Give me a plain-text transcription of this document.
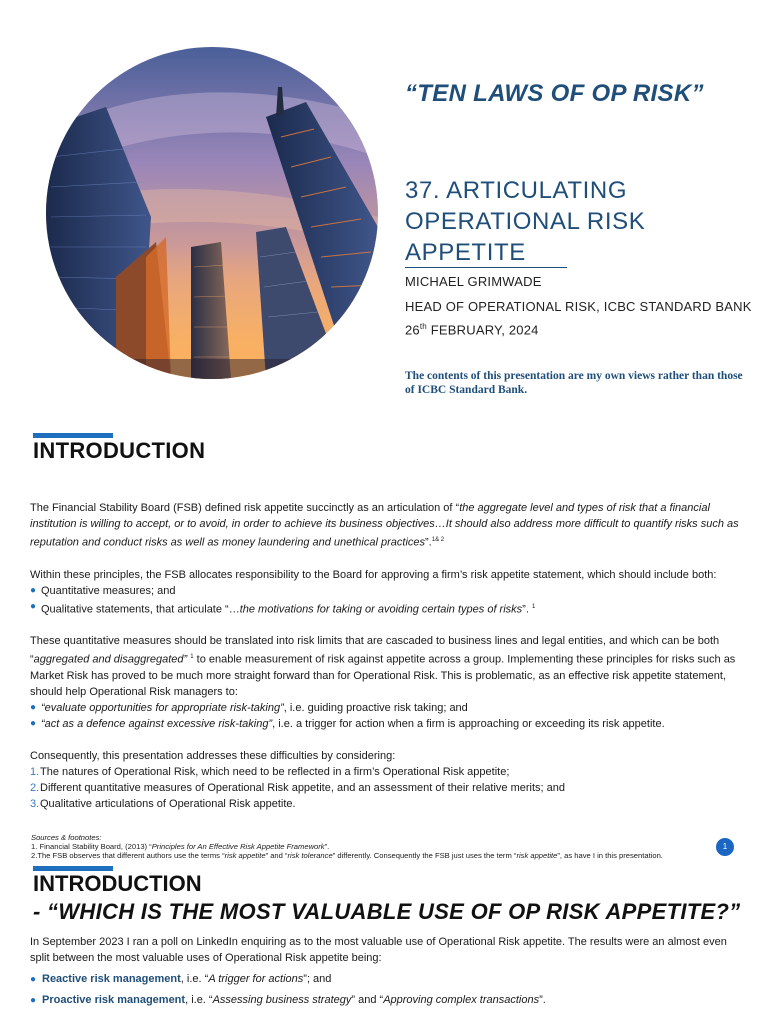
“TEN LAWS OF OP RISK”
37. ARTICULATING OPERATIONAL RISK APPETITE
MICHAEL GRIMWADE
HEAD OF OPERATIONAL RISK, ICBC STANDARD BANK
26th FEBRUARY, 2024
The contents of this presentation are my own views rather than those of ICBC Standard Bank.
INTRODUCTION

The Financial Stability Board (FSB) defined risk appetite succinctly as an articulation of “the aggregate level and types of risk that a financial institution is willing to accept, or to avoid, in order to achieve its business objectives…It should also address more difficult to quantify risks such as reputation and conduct risks as well as money laundering and unethical practices”.$^{1\& 2}$

Within these principles, the FSB allocates responsibility to the Board for approving a firm’s risk appetite statement, which should include both:

● Quantitative measures; and
● Qualitative statements, that articulate “…the motivations for taking or avoiding certain types of risks”. $^1$

These quantitative measures should be translated into risk limits that are cascaded to business lines and legal entities, and which can be both “aggregated and disaggregated” $^1$ to enable measurement of risk against appetite across a group. Implementing these principles for risks such as Market Risk has proved to be much more straight forward than for Operational Risk. This is problematic, as an effective risk appetite statement, should help Operational Risk managers to:

● “evaluate opportunities for appropriate risk-taking”, i.e. guiding proactive risk taking; and
● “act as a defence against excessive risk-taking”, i.e. a trigger for action when a firm is approaching or exceeding its risk appetite.

Consequently, this presentation addresses these difficulties by considering:

1. The natures of Operational Risk, which need to be reflected in a firm’s Operational Risk appetite;
2. Different quantitative measures of Operational Risk appetite, and an assessment of their relative merits; and
3. Qualitative articulations of Operational Risk appetite.
Sources & footnotes:
1. Financial Stability Board, (2013) “Principles for An Effective Risk Appetite Framework”.
2.The FSB observes that different authors use the terms “risk appetite” and “risk tolerance” differently. Consequently the FSB just uses the term “risk appetite”, as have I in this presentation.
1
INTRODUCTION
- “WHICH IS THE MOST VALUABLE USE OF OP RISK APPETITE?”

In September 2023 I ran a poll on LinkedIn enquiring as to the most valuable use of Operational Risk appetite. The results were an almost even split between the most valuable uses of Operational Risk appetite being:

● Reactive risk management, i.e. “A trigger for actions”; and
● Proactive risk management, i.e. “Assessing business strategy” and “Approving complex transactions”.
